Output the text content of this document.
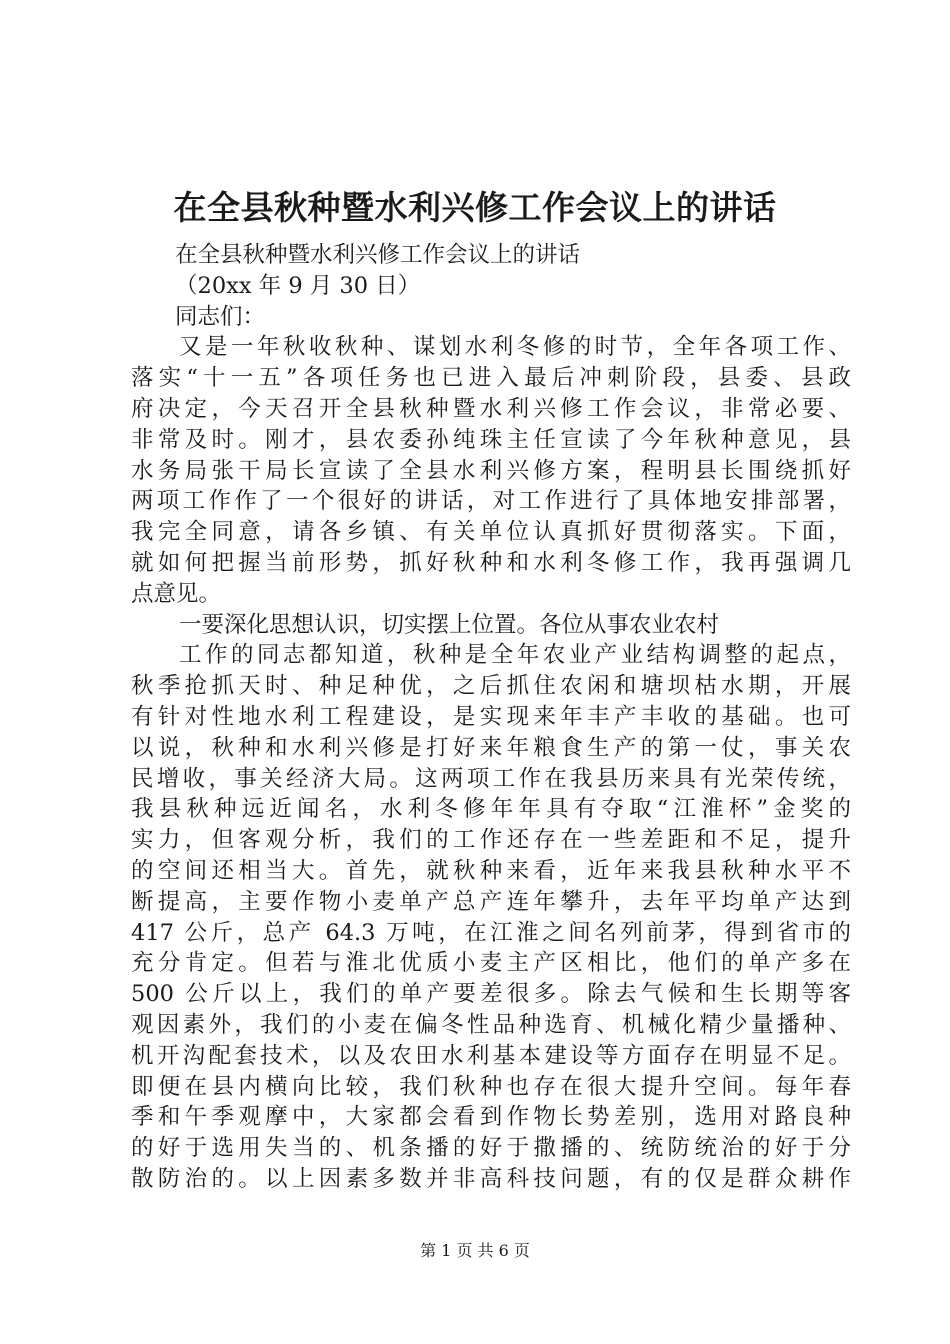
在全县秋种暨水利兴修工作会议上的讲话
在全县秋种暨水利兴修工作会议上的讲话
（20xx 年 9 月 30 日）
同志们：
又是一年秋收秋种、谋划水利冬修的时节，全年各项工作、
落实“十一五”各项任务也已进入最后冲刺阶段，县委、县政
府决定，今天召开全县秋种暨水利兴修工作会议，非常必要、
非常及时。刚才，县农委孙纯珠主任宣读了今年秋种意见，县
水务局张干局长宣读了全县水利兴修方案，程明县长围绕抓好
两项工作作了一个很好的讲话，对工作进行了具体地安排部署，
我完全同意，请各乡镇、有关单位认真抓好贯彻落实。下面，
就如何把握当前形势，抓好秋种和水利冬修工作，我再强调几
点意见。
一要深化思想认识，切实摆上位置。各位从事农业农村
工作的同志都知道，秋种是全年农业产业结构调整的起点，
秋季抢抓天时、种足种优，之后抓住农闲和塘坝枯水期，开展
有针对性地水利工程建设，是实现来年丰产丰收的基础。也可
以说，秋种和水利兴修是打好来年粮食生产的第一仗，事关农
民增收，事关经济大局。这两项工作在我县历来具有光荣传统，
我县秋种远近闻名，水利冬修年年具有夺取“江淮杯”金奖的
实力，但客观分析，我们的工作还存在一些差距和不足，提升
的空间还相当大。首先，就秋种来看，近年来我县秋种水平不
断提高，主要作物小麦单产总产连年攀升，去年平均单产达到
417 公斤，总产 64.3 万吨，在江淮之间名列前茅，得到省市的
充分肯定。但若与淮北优质小麦主产区相比，他们的单产多在
500 公斤以上，我们的单产要差很多。除去气候和生长期等客
观因素外，我们的小麦在偏冬性品种选育、机械化精少量播种、
机开沟配套技术，以及农田水利基本建设等方面存在明显不足。
即便在县内横向比较，我们秋种也存在很大提升空间。每年春
季和午季观摩中，大家都会看到作物长势差别，选用对路良种
的好于选用失当的、机条播的好于撒播的、统防统治的好于分
散防治的。以上因素多数并非高科技问题，有的仅是群众耕作
第 1 页 共 6 页
